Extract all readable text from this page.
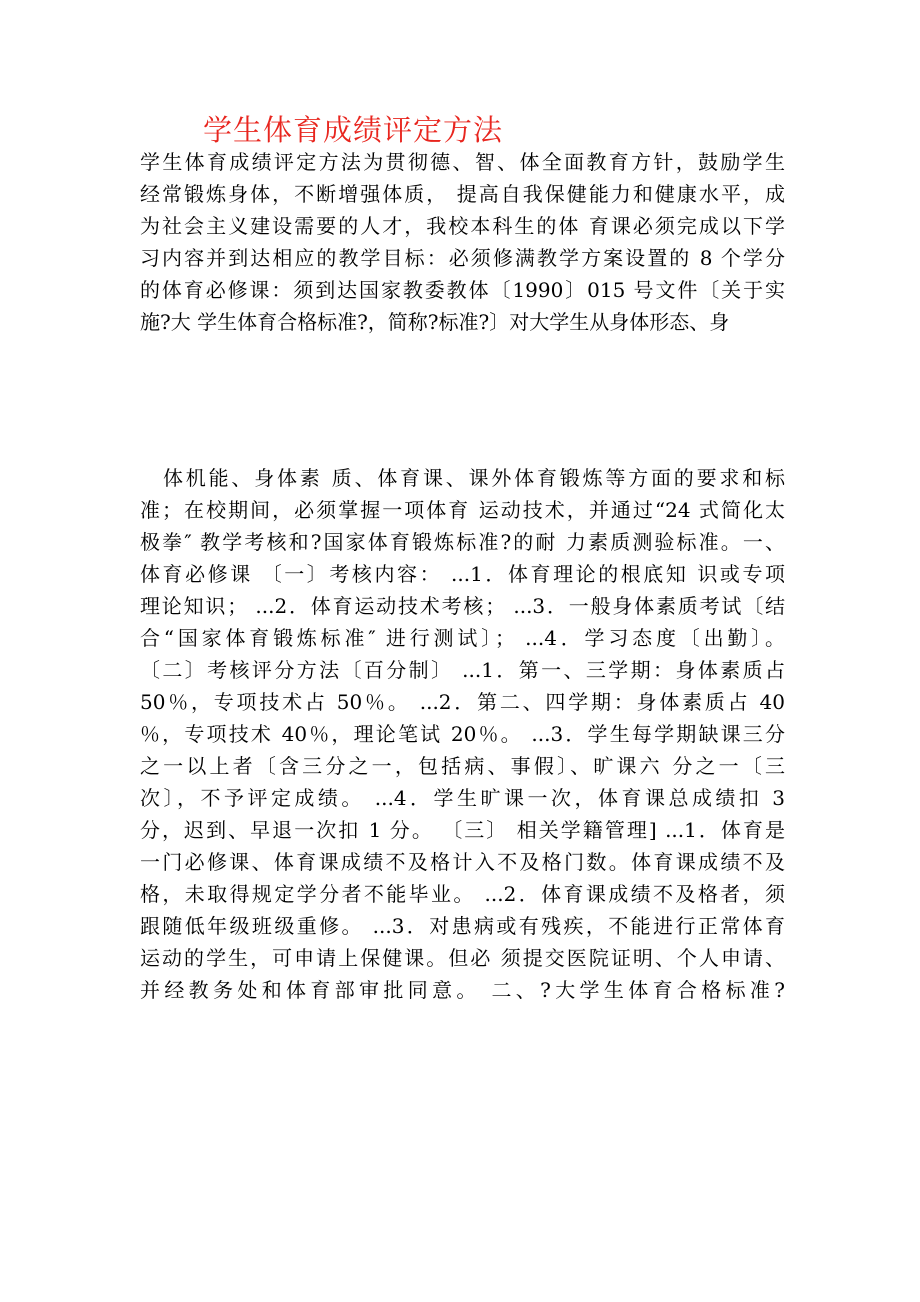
学生体育成绩评定方法
学生体育成绩评定方法为贯彻德、智、体全面教育方针，鼓励学生
经常锻炼身体，不断增强体质， 提高自我保健能力和健康水平，成
为社会主义建设需要的人才，我校本科生的体 育课必须完成以下学
习内容并到达相应的教学目标：必须修满教学方案设置的 8 个学分
的体育必修课：须到达国家教委教体〔1990〕015 号文件〔关于实
施?大 学生体育合格标准?，简称?标准?〕对大学生从身体形态、身
体机能、身体素 质、体育课、课外体育锻炼等方面的要求和标
准；在校期间，必须掌握一项体育 运动技术，并通过“24 式简化太
极拳″ 教学考核和?国家体育锻炼标准?的耐 力素质测验标准。一、
体育必修课 〔一〕考核内容： ...1．体育理论的根底知 识或专项
理论知识； ...2．体育运动技术考核； ...3．一般身体素质考试〔结
合“国家体育锻炼标准″ 进行测试〕； ...4．学习态度〔出勤〕。
〔二〕考核评分方法〔百分制〕 ...1．第一、三学期：身体素质占
50％，专项技术占 50％。 ...2．第二、四学期：身体素质占 40
％，专项技术 40％，理论笔试 20％。 ...3．学生每学期缺课三分
之一以上者〔含三分之一，包括病、事假〕、旷课六 分之一〔三
次〕，不予评定成绩。 ...4．学生旷课一次，体育课总成绩扣 3
分，迟到、早退一次扣 1 分。 〔三〕 相关学籍管理] ...1．体育是
一门必修课、体育课成绩不及格计入不及格门数。体育课成绩不及
格，未取得规定学分者不能毕业。 ...2．体育课成绩不及格者，须
跟随低年级班级重修。 ...3．对患病或有残疾，不能进行正常体育
运动的学生，可申请上保健课。但必 须提交医院证明、个人申请、
并经教务处和体育部审批同意。 二、?大学生体育合格标准?
